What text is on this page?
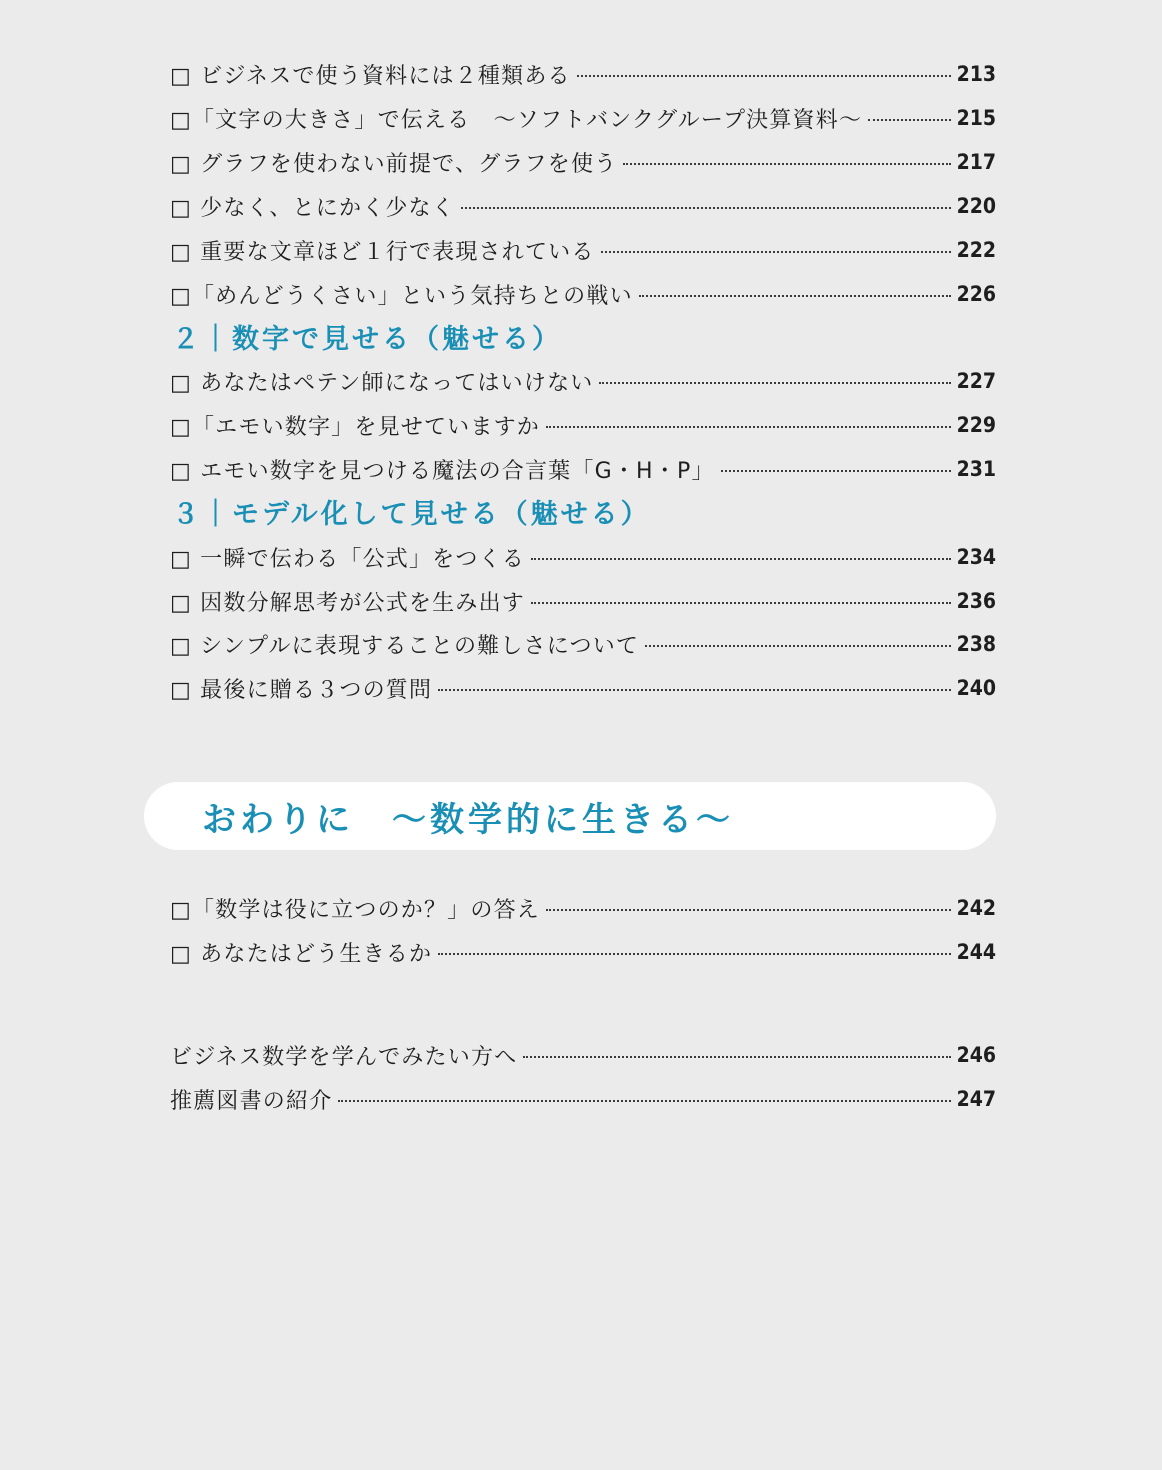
□ ビジネスで使う資料には２種類ある	213
□「文字の大きさ」で伝える　〜ソフトバンクグループ決算資料〜	215
□ グラフを使わない前提で、グラフを使う	217
□ 少なく、とにかく少なく	220
□ 重要な文章ほど１行で表現されている	222
□「めんどうくさい」という気持ちとの戦い	226
２｜数字で見せる（魅せる）
□ あなたはペテン師になってはいけない	227
□「エモい数字」を見せていますか	229
□ エモい数字を見つける魔法の合言葉「G・H・P」	231
３｜モデル化して見せる（魅せる）
□ 一瞬で伝わる「公式」をつくる	234
□ 因数分解思考が公式を生み出す	236
□ シンプルに表現することの難しさについて	238
□ 最後に贈る３つの質問	240
おわりに　〜数学的に生きる〜
□「数学は役に立つのか？」の答え	242
□ あなたはどう生きるか	244
ビジネス数学を学んでみたい方へ	246
推薦図書の紹介	247
